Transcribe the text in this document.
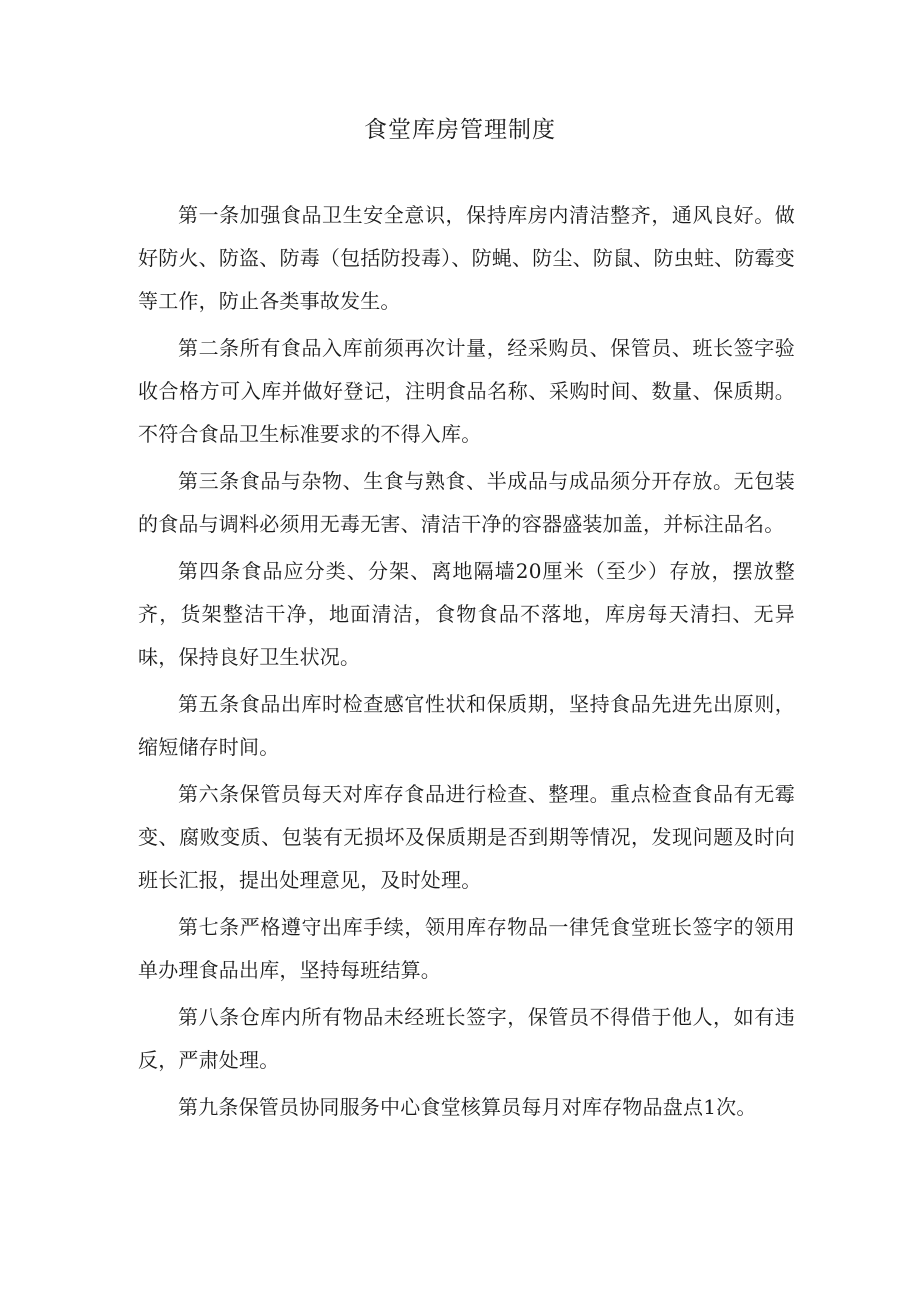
食堂库房管理制度

第一条加强食品卫生安全意识，保持库房内清洁整齐，通风良好。做好防火、防盗、防毒（包括防投毒）、防蝇、防尘、防鼠、防虫蛀、防霉变等工作，防止各类事故发生。

第二条所有食品入库前须再次计量，经采购员、保管员、班长签字验收合格方可入库并做好登记，注明食品名称、采购时间、数量、保质期。不符合食品卫生标准要求的不得入库。

第三条食品与杂物、生食与熟食、半成品与成品须分开存放。无包装的食品与调料必须用无毒无害、清洁干净的容器盛装加盖，并标注品名。

第四条食品应分类、分架、离地隔墙20厘米（至少）存放，摆放整齐，货架整洁干净，地面清洁，食物食品不落地，库房每天清扫、无异味，保持良好卫生状况。

第五条食品出库时检查感官性状和保质期，坚持食品先进先出原则，缩短储存时间。

第六条保管员每天对库存食品进行检查、整理。重点检查食品有无霉变、腐败变质、包装有无损坏及保质期是否到期等情况，发现问题及时向班长汇报，提出处理意见，及时处理。

第七条严格遵守出库手续，领用库存物品一律凭食堂班长签字的领用单办理食品出库，坚持每班结算。

第八条仓库内所有物品未经班长签字，保管员不得借于他人，如有违反，严肃处理。

第九条保管员协同服务中心食堂核算员每月对库存物品盘点1次。
